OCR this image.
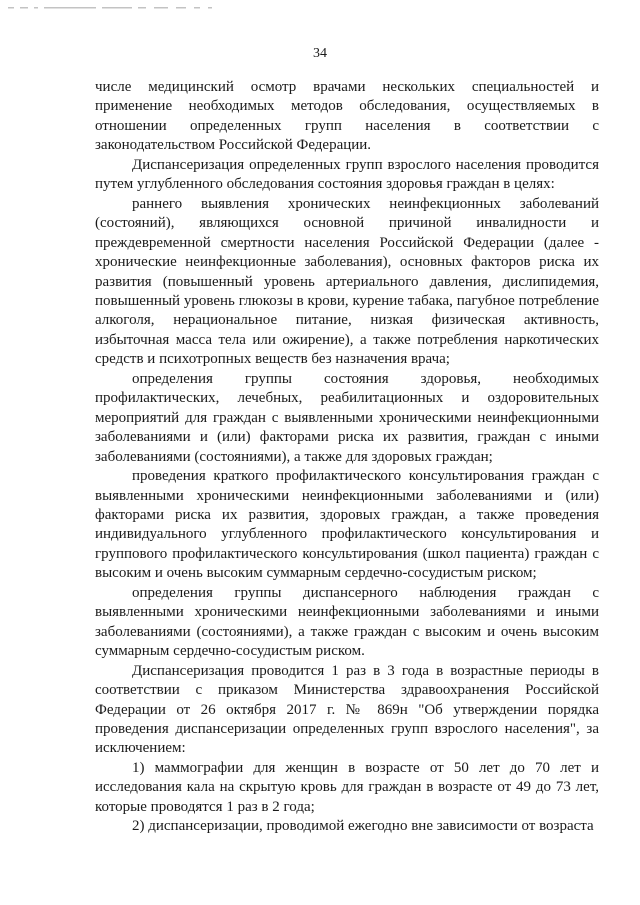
34

числе медицинский осмотр врачами нескольких специальностей и применение необходимых методов обследования, осуществляемых в отношении определенных групп населения в соответствии с законодательством Российской Федерации.

Диспансеризация определенных групп взрослого населения проводится путем углубленного обследования состояния здоровья граждан в целях:

раннего выявления хронических неинфекционных заболеваний (состояний), являющихся основной причиной инвалидности и преждевременной смертности населения Российской Федерации (далее - хронические неинфекционные заболевания), основных факторов риска их развития (повышенный уровень артериального давления, дислипидемия, повышенный уровень глюкозы в крови, курение табака, пагубное потребление алкоголя, нерациональное питание, низкая физическая активность, избыточная масса тела или ожирение), а также потребления наркотических средств и психотропных веществ без назначения врача;

определения группы состояния здоровья, необходимых профилактических, лечебных, реабилитационных и оздоровительных мероприятий для граждан с выявленными хроническими неинфекционными заболеваниями и (или) факторами риска их развития, граждан с иными заболеваниями (состояниями), а также для здоровых граждан;

проведения краткого профилактического консультирования граждан с выявленными хроническими неинфекционными заболеваниями и (или) факторами риска их развития, здоровых граждан, а также проведения индивидуального углубленного профилактического консультирования и группового профилактического консультирования (школ пациента) граждан с высоким и очень высоким суммарным сердечно-сосудистым риском;

определения группы диспансерного наблюдения граждан с выявленными хроническими неинфекционными заболеваниями и иными заболеваниями (состояниями), а также граждан с высоким и очень высоким суммарным сердечно-сосудистым риском.

Диспансеризация проводится 1 раз в 3 года в возрастные периоды в соответствии с приказом Министерства здравоохранения Российской Федерации от 26 октября 2017 г. № 869н "Об утверждении порядка проведения диспансеризации определенных групп взрослого населения", за исключением:

1) маммографии для женщин в возрасте от 50 лет до 70 лет и исследования кала на скрытую кровь для граждан в возрасте от 49 до 73 лет, которые проводятся 1 раз в 2 года;

2) диспансеризации, проводимой ежегодно вне зависимости от возраста
